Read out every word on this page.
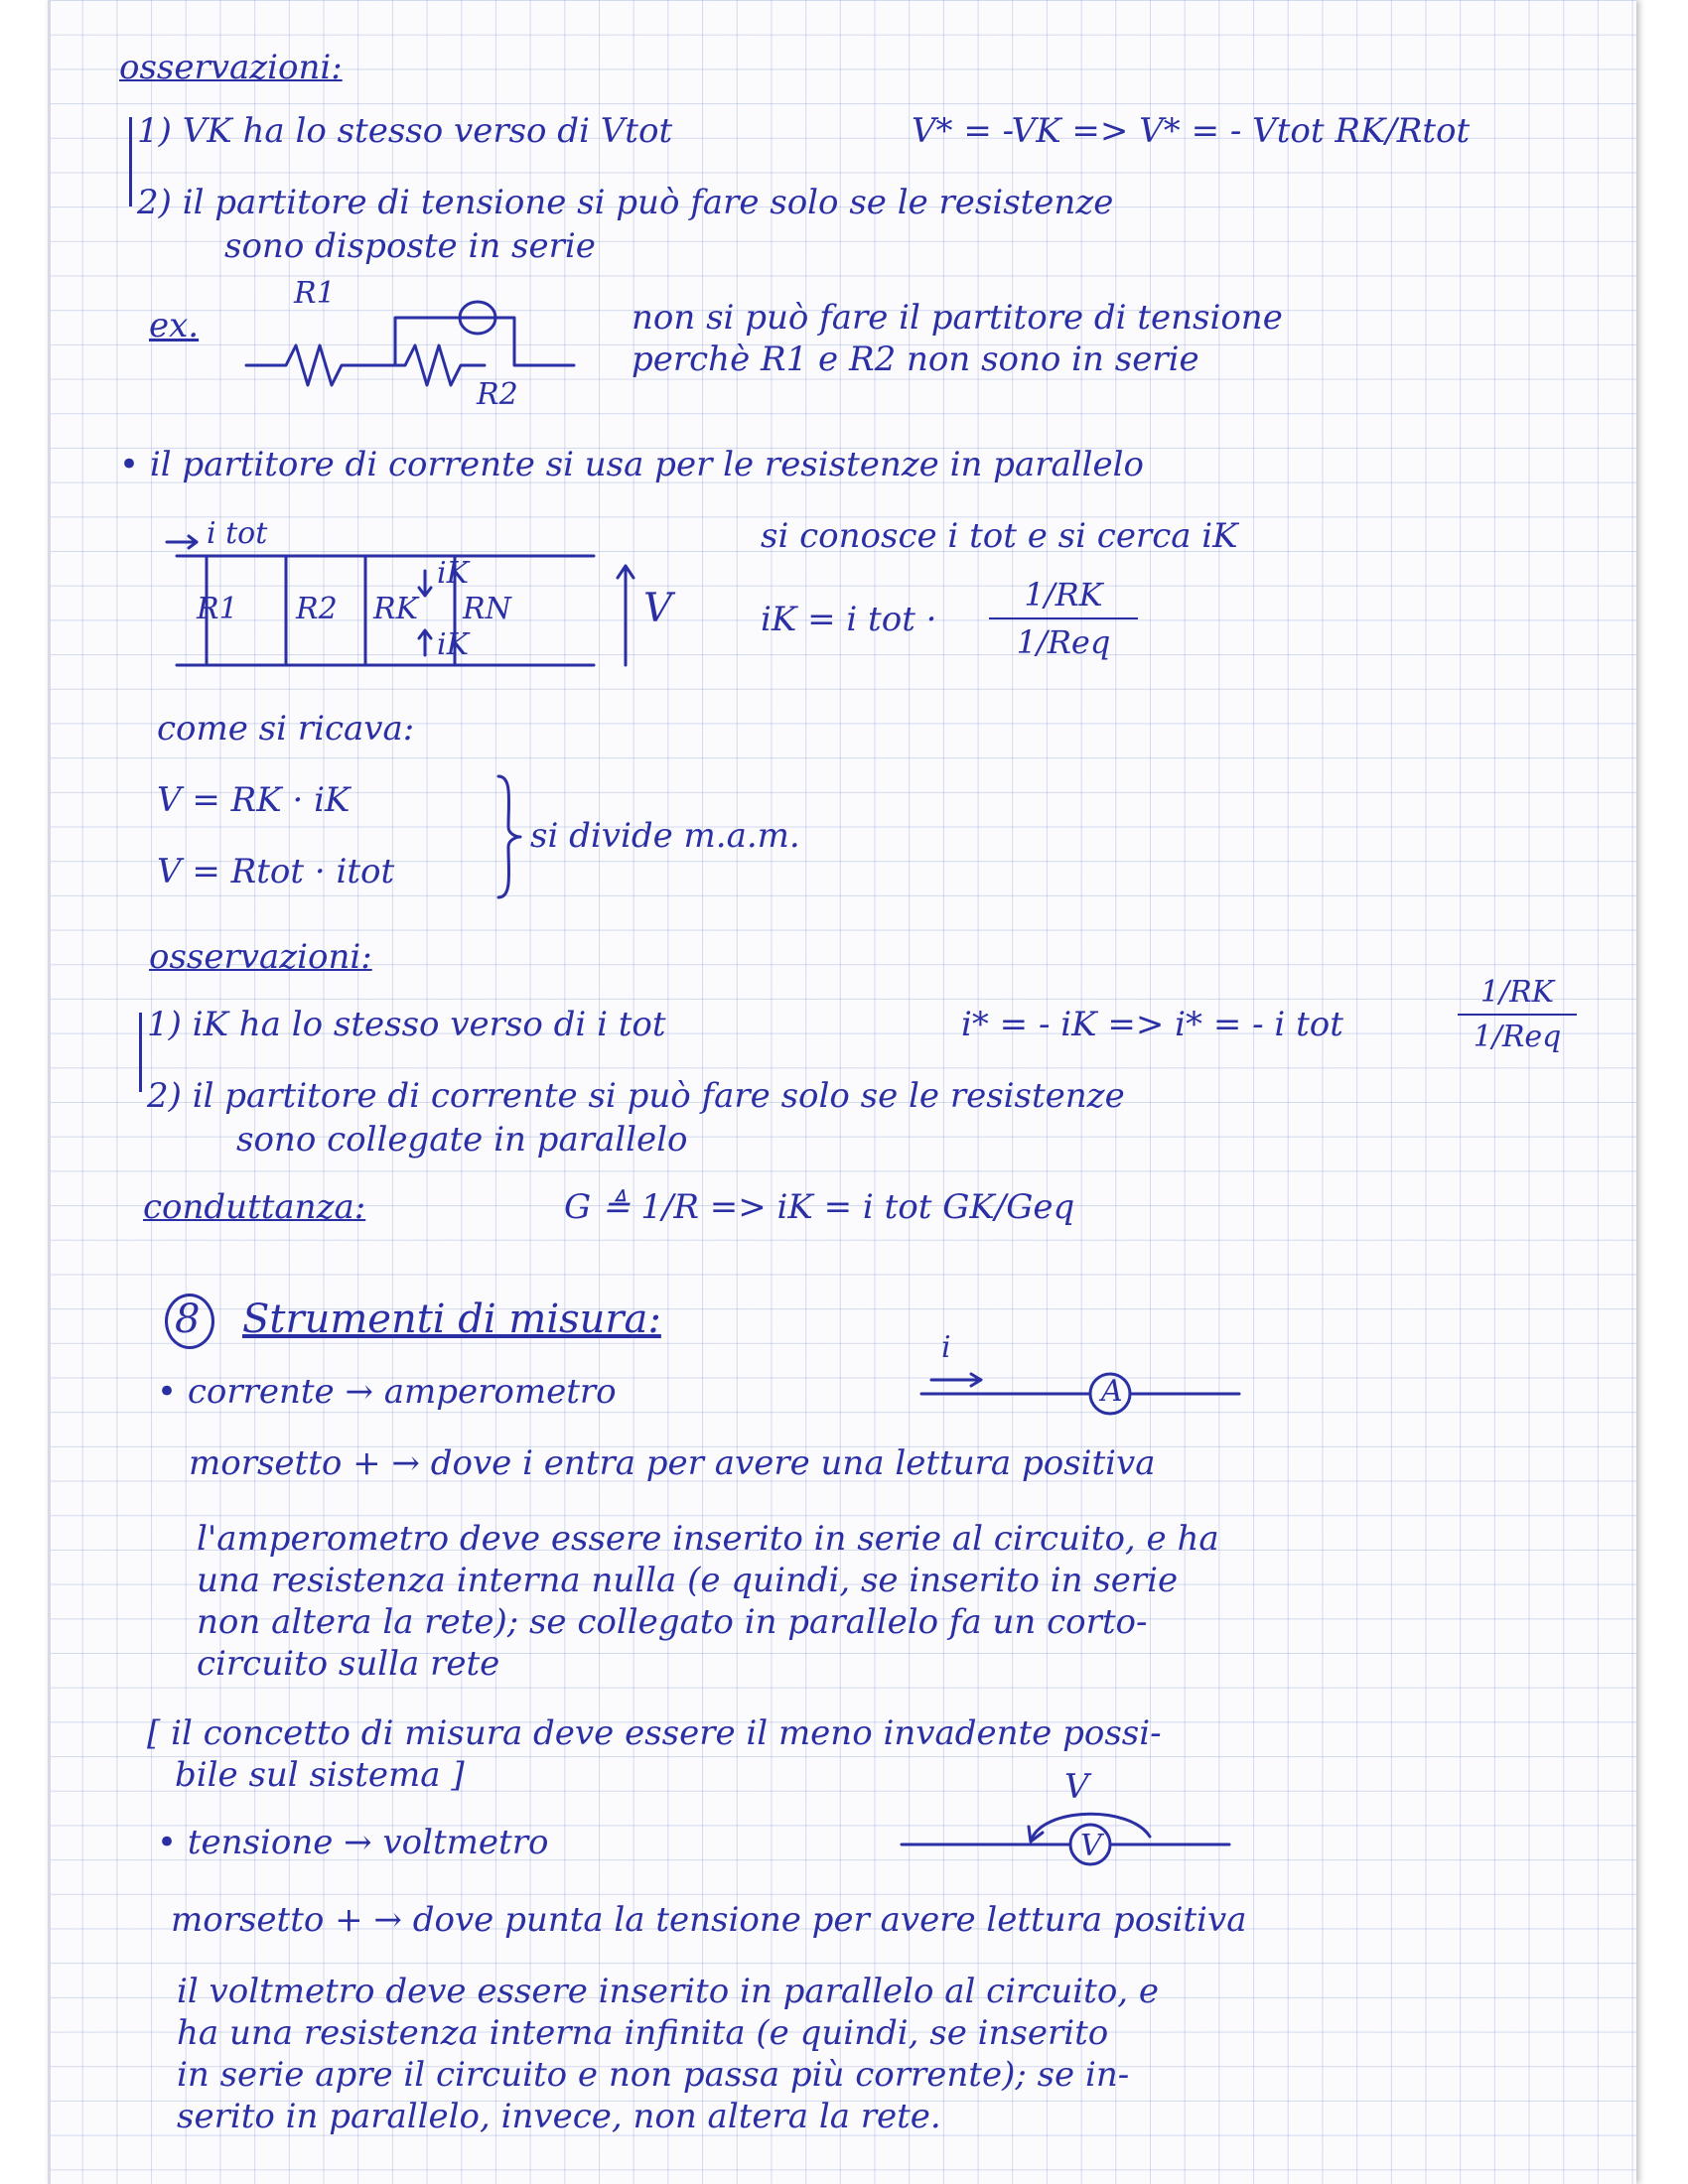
osservazioni:
1) VK ha lo stesso verso di Vtot	V* = -VK => V* = - Vtot RK/Rtot
2) il partitore di tensione si può fare solo se le resistenze
sono disposte in serie
ex.
R1
R2
non si può fare il partitore di tensione
perchè R1 e R2 non sono in serie
• il partitore di corrente si usa per le resistenze in parallelo
i tot
R1 R2 RK RN
iK
iK
V
si conosce i tot e si cerca iK
iK = i tot ·
1/RK
1/Req
come si ricava:
V = RK · iK
V = Rtot · itot
si divide m.a.m.
osservazioni:
1) iK ha lo stesso verso di i tot	i* = - iK => i* = - i tot
1/RK
1/Req
2) il partitore di corrente si può fare solo se le resistenze
sono collegate in parallelo
conduttanza:	G ≜ 1/R => iK = i tot GK/Geq
8 Strumenti di misura:
• corrente → amperometro	A
i
morsetto + → dove i entra per avere una lettura positiva
l'amperometro deve essere inserito in serie al circuito, e ha
una resistenza interna nulla (e quindi, se inserito in serie
non altera la rete); se collegato in parallelo fa un corto-
circuito sulla rete
[ il concetto di misura deve essere il meno invadente possi-
bile sul sistema ]
• tensione → voltmetro	V
V
morsetto + → dove punta la tensione per avere lettura positiva
il voltmetro deve essere inserito in parallelo al circuito, e
ha una resistenza interna infinita (e quindi, se inserito
in serie apre il circuito e non passa più corrente); se in-
serito in parallelo, invece, non altera la rete.
